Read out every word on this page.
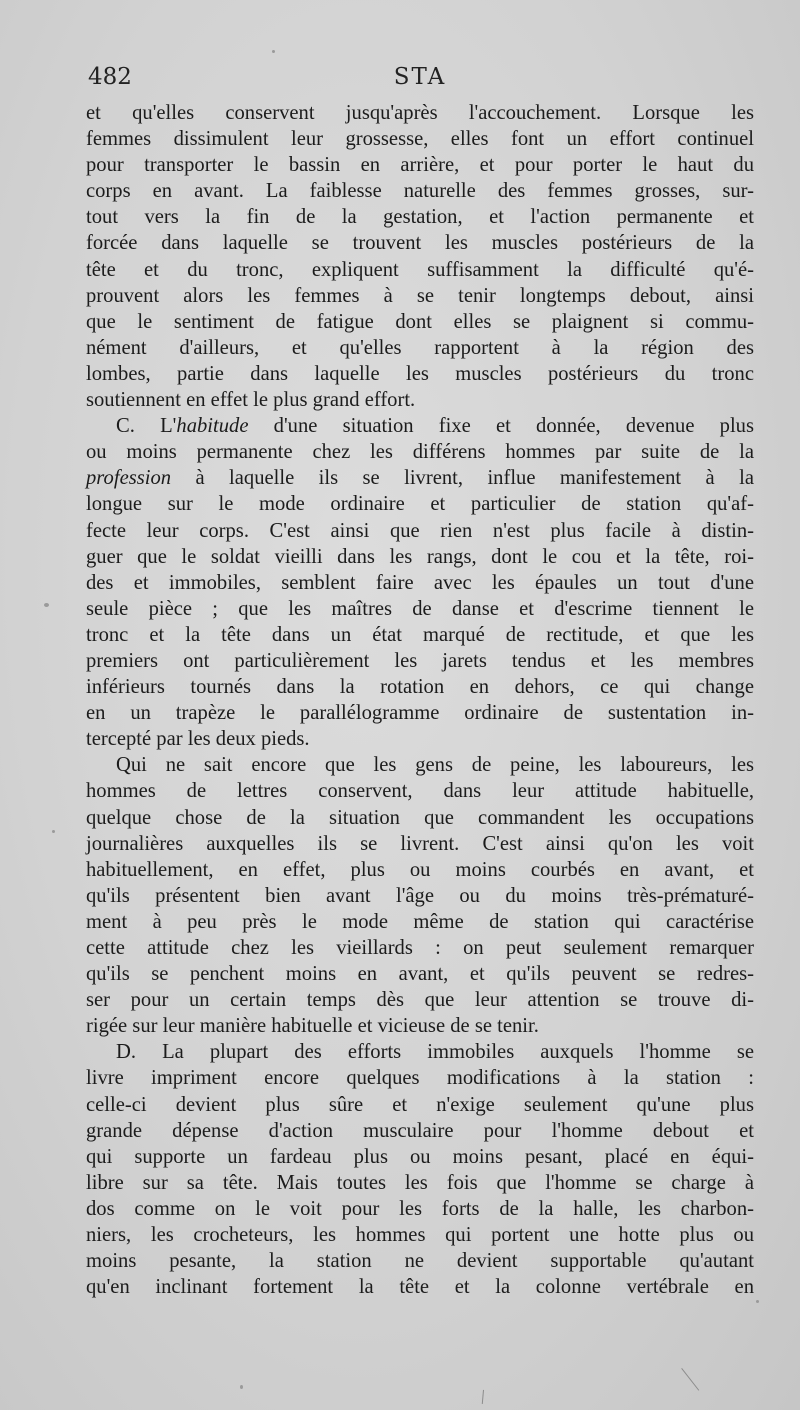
482	STA

et qu'elles conservent jusqu'après l'accouchement. Lorsque les
femmes dissimulent leur grossesse, elles font un effort continuel
pour transporter le bassin en arrière, et pour porter le haut du
corps en avant. La faiblesse naturelle des femmes grosses, sur-
tout vers la fin de la gestation, et l'action permanente et
forcée dans laquelle se trouvent les muscles postérieurs de la
tête et du tronc, expliquent suffisamment la difficulté qu'é-
prouvent alors les femmes à se tenir longtemps debout, ainsi
que le sentiment de fatigue dont elles se plaignent si commu-
nément d'ailleurs, et qu'elles rapportent à la région des
lombes, partie dans laquelle les muscles postérieurs du tronc
soutiennent en effet le plus grand effort.

C. L'habitude d'une situation fixe et donnée, devenue plus
ou moins permanente chez les différens hommes par suite de la
profession à laquelle ils se livrent, influe manifestement à la
longue sur le mode ordinaire et particulier de station qu'af-
fecte leur corps. C'est ainsi que rien n'est plus facile à distin-
guer que le soldat vieilli dans les rangs, dont le cou et la tête, roi-
des et immobiles, semblent faire avec les épaules un tout d'une
seule pièce ; que les maîtres de danse et d'escrime tiennent le
tronc et la tête dans un état marqué de rectitude, et que les
premiers ont particulièrement les jarets tendus et les membres
inférieurs tournés dans la rotation en dehors, ce qui change
en un trapèze le parallélogramme ordinaire de sustentation in-
tercepté par les deux pieds.

Qui ne sait encore que les gens de peine, les laboureurs, les
hommes de lettres conservent, dans leur attitude habituelle,
quelque chose de la situation que commandent les occupations
journalières auxquelles ils se livrent. C'est ainsi qu'on les voit
habituellement, en effet, plus ou moins courbés en avant, et
qu'ils présentent bien avant l'âge ou du moins très-prématuré-
ment à peu près le mode même de station qui caractérise
cette attitude chez les vieillards : on peut seulement remarquer
qu'ils se penchent moins en avant, et qu'ils peuvent se redres-
ser pour un certain temps dès que leur attention se trouve di-
rigée sur leur manière habituelle et vicieuse de se tenir.

D. La plupart des efforts immobiles auxquels l'homme se
livre impriment encore quelques modifications à la station :
celle-ci devient plus sûre et n'exige seulement qu'une plus
grande dépense d'action musculaire pour l'homme debout et
qui supporte un fardeau plus ou moins pesant, placé en équi-
libre sur sa tête. Mais toutes les fois que l'homme se charge à
dos comme on le voit pour les forts de la halle, les charbon-
niers, les crocheteurs, les hommes qui portent une hotte plus ou
moins pesante, la station ne devient supportable qu'autant
qu'en inclinant fortement la tête et la colonne vertébrale en
